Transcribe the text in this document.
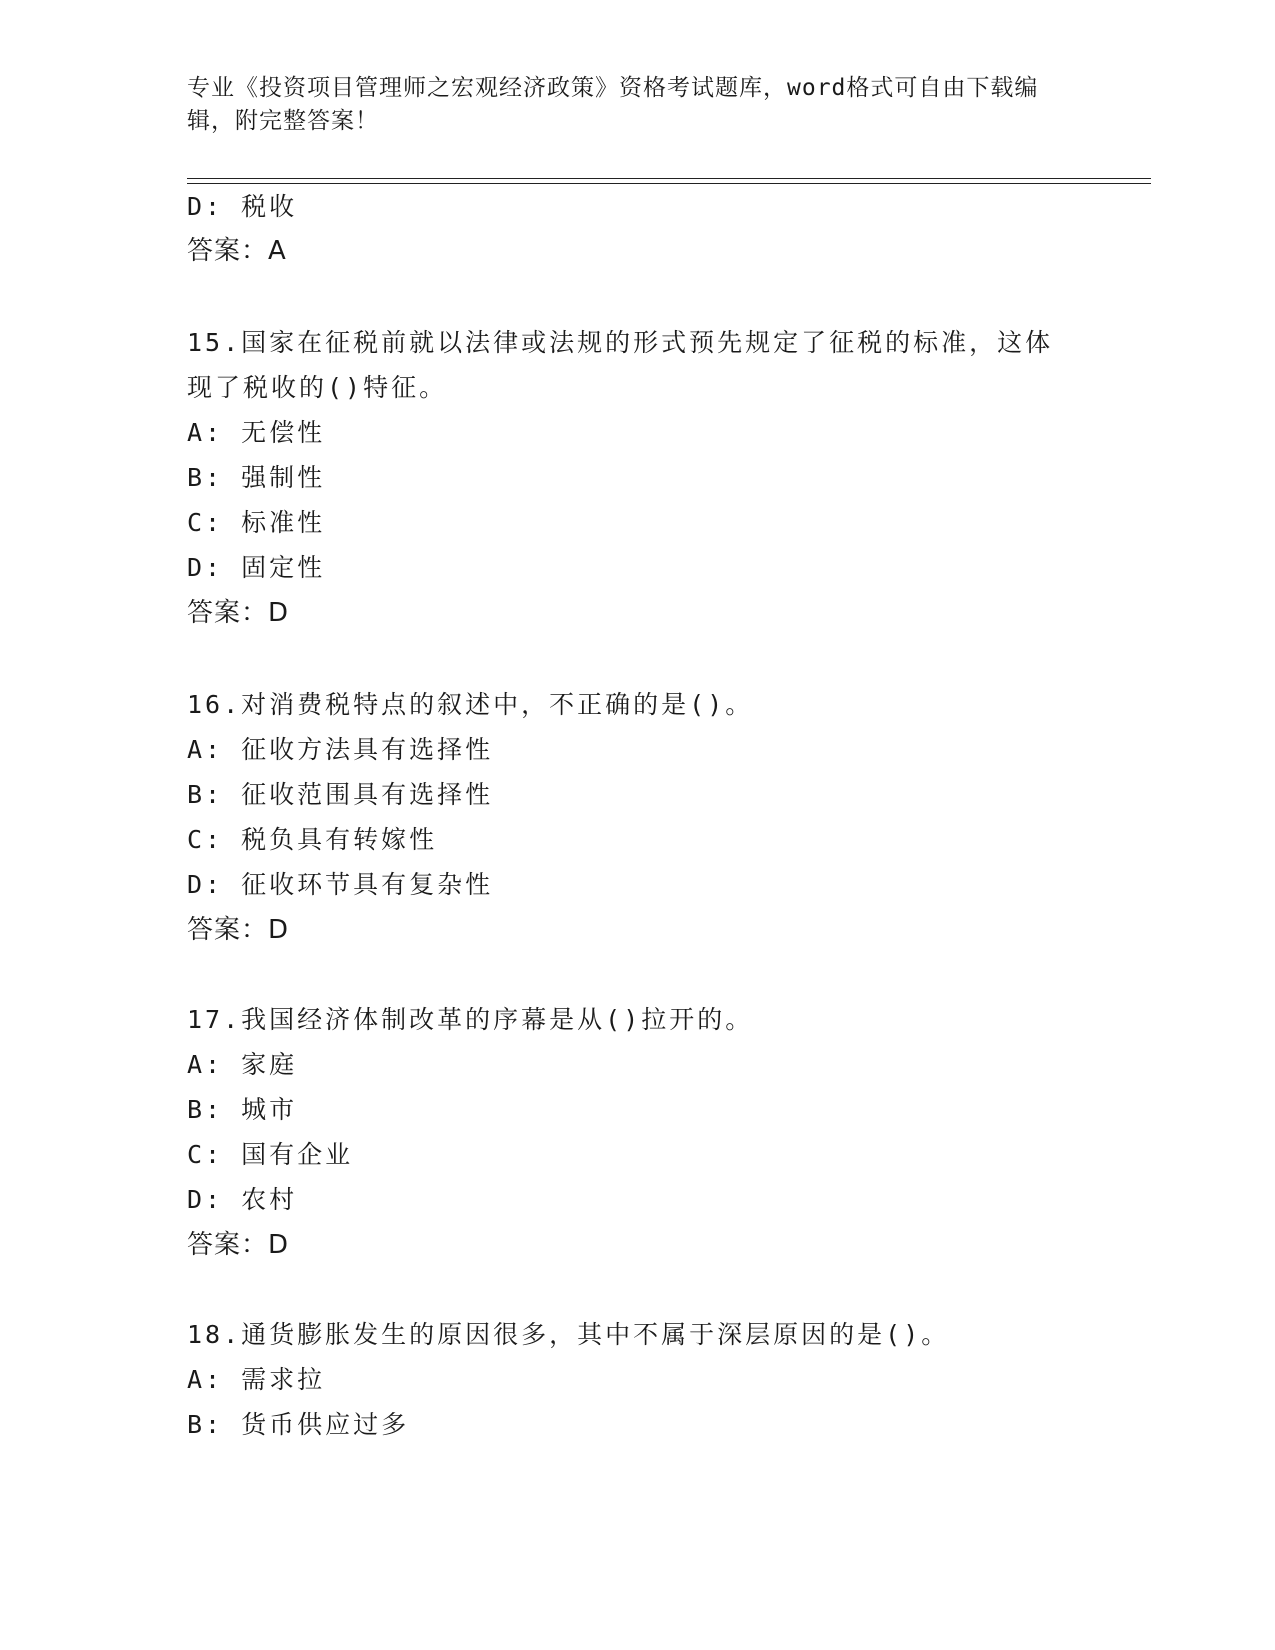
专业《投资项目管理师之宏观经济政策》资格考试题库，word格式可自由下载编
辑，附完整答案！
D: 税收
答案：A
15.国家在征税前就以法律或法规的形式预先规定了征税的标准，这体
现了税收的()特征。
A: 无偿性
B: 强制性
C: 标准性
D: 固定性
答案：D
16.对消费税特点的叙述中，不正确的是()。
A: 征收方法具有选择性
B: 征收范围具有选择性
C: 税负具有转嫁性
D: 征收环节具有复杂性
答案：D
17.我国经济体制改革的序幕是从()拉开的。
A: 家庭
B: 城市
C: 国有企业
D: 农村
答案：D
18.通货膨胀发生的原因很多，其中不属于深层原因的是()。
A: 需求拉
B: 货币供应过多
